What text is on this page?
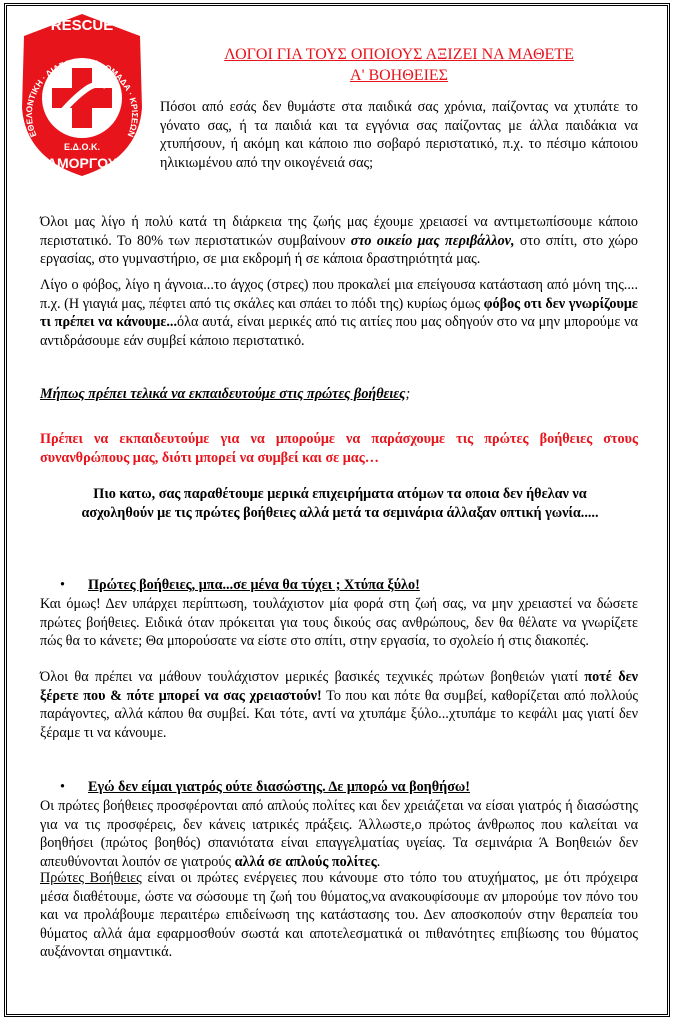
RESCUE
ΕΘΕΛΟΝΤΙΚΗ · ΔΙΑΣΩΣΤΙΚΗ · ΟΜΑΔΑ · ΚΡΙΣΕΩΝ
Ε.Δ.Ο.Κ.
ΑΜΟΡΓΟΥ
ΛΟΓΟΙ ΓΙΑ ΤΟΥΣ ΟΠΟΙΟΥΣ ΑΞΙΖΕΙ ΝΑ ΜΑΘΕΤΕ
Α' ΒΟΗΘΕΙΕΣ

Πόσοι από εσάς δεν θυμάστε στα παιδικά σας χρόνια, παίζοντας να χτυπάτε το γόνατο σας, ή τα παιδιά και τα εγγόνια σας παίζοντας με άλλα παιδάκια να χτυπήσουν, ή ακόμη και κάποιο πιο σοβαρό περιστατικό, π.χ. το πέσιμο κάποιου ηλικιωμένου από την οικογένειά σας;

Όλοι μας λίγο ή πολύ κατά τη διάρκεια της ζωής μας έχουμε χρειασεί να αντιμετωπίσουμε κάποιο περιστατικό. Το 80% των περιστατικών συμβαίνουν στο οικείο μας περιβάλλον, στο σπίτι, στο χώρο εργασίας, στο γυμναστήριο, σε μια εκδρομή ή σε κάποια δραστηριότητά μας.

Λίγο ο φόβος, λίγο η άγνοια...το άγχος (στρες) που προκαλεί μια επείγουσα κατάσταση από μόνη της.... π.χ. (Η γιαγιά μας, πέφτει από τις σκάλες και σπάει το πόδι της) κυρίως όμως φόβος οτι δεν γνωρίζουμε τι πρέπει να κάνουμε...όλα αυτά, είναι μερικές από τις αιτίες που μας οδηγούν στο να μην μπορούμε να αντιδράσουμε εάν συμβεί κάποιο περιστατικό.

Μήπως πρέπει τελικά να εκπαιδευτούμε στις πρώτες βοήθειες;

Πρέπει να εκπαιδευτούμε για να μπορούμε να παράσχουμε τις πρώτες βοήθειες στους συνανθρώπους μας, διότι μπορεί να συμβεί και σε μας…

Πιο κατω, σας παραθέτουμε μερικά επιχειρήματα ατόμων τα οποια δεν ήθελαν να ασχοληθούν με τις πρώτες βοήθειες αλλά μετά τα σεμινάρια άλλαξαν οπτική γωνία.....

• Πρώτες βοήθειες, μπα...σε μένα θα τύχει ; Χτύπα ξύλο!

Και όμως! Δεν υπάρχει περίπτωση, τουλάχιστον μία φορά στη ζωή σας, να μην χρειαστεί να δώσετε πρώτες βοήθειες. Ειδικά όταν πρόκειται για τους δικούς σας ανθρώπους, δεν θα θέλατε να γνωρίζετε πώς θα το κάνετε; Θα μπορούσατε να είστε στο σπίτι, στην εργασία, το σχολείο ή στις διακοπές.

Όλοι θα πρέπει να μάθουν τουλάχιστον μερικές βασικές τεχνικές πρώτων βοηθειών γιατί ποτέ δεν ξέρετε που & πότε μπορεί να σας χρειαστούν! Το που και πότε θα συμβεί, καθορίζεται από πολλούς παράγοντες, αλλά κάπου θα συμβεί. Και τότε, αντί να χτυπάμε ξύλο...χτυπάμε το κεφάλι μας γιατί δεν ξέραμε τι να κάνουμε.

• Εγώ δεν είμαι γιατρός ούτε διασώστης. Δε μπορώ να βοηθήσω!

Οι πρώτες βοήθειες προσφέρονται από απλούς πολίτες και δεν χρειάζεται να είσαι γιατρός ή διασώστης για να τις προσφέρεις, δεν κάνεις ιατρικές πράξεις. Άλλωστε,ο πρώτος άνθρωπος που καλείται να βοηθήσει (πρώτος βοηθός) σπανιότατα είναι επαγγελματίας υγείας. Τα σεμινάρια Ά Βοηθειών δεν απευθύνονται λοιπόν σε γιατρούς αλλά σε απλούς πολίτες.

Πρώτες Βοήθειες είναι οι πρώτες ενέργειες που κάνουμε στο τόπο του ατυχήματος, με ότι πρόχειρα μέσα διαθέτουμε, ώστε να σώσουμε τη ζωή του θύματος,να ανακουφίσουμε αν μπορούμε τον πόνο του και να προλάβουμε περαιτέρω επιδείνωση της κατάστασης του. Δεν αποσκοπούν στην θεραπεία του θύματος αλλά άμα εφαρμοσθούν σωστά και αποτελεσματικά οι πιθανότητες επιβίωσης του θύματος αυξάνονται σημαντικά.
